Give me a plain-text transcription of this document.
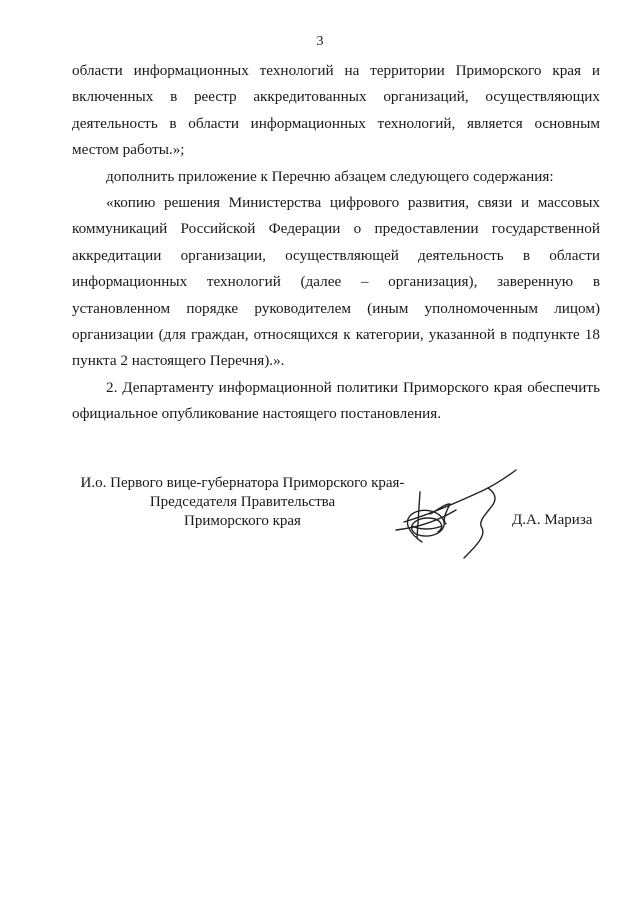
3

области информационных технологий на территории Приморского края и включенных в реестр аккредитованных организаций, осуществляющих деятельность в области информационных технологий, является основным местом работы.»;

дополнить приложение к Перечню абзацем следующего содержания:

«копию решения Министерства цифрового развития, связи и массовых коммуникаций Российской Федерации о предоставлении государственной аккредитации организации, осуществляющей деятельность в области информационных технологий (далее – организация), заверенную в установленном порядке руководителем (иным уполномоченным лицом) организации (для граждан, относящихся к категории, указанной в подпункте 18 пункта 2 настоящего Перечня).».

2. Департаменту информационной политики Приморского края обеспечить официальное опубликование настоящего постановления.

И.о. Первого вице-губернатора Приморского края-
Председателя Правительства
Приморского края	Д.А. Мариза
